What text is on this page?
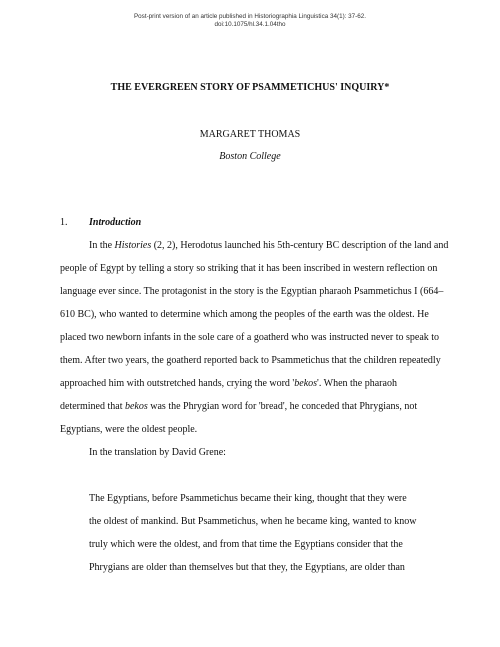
Post-print version of an article published in Historiographia Linguistica 34(1): 37-62.
doi:10.1075/hl.34.1.04tho
THE EVERGREEN STORY OF PSAMMETICHUS' INQUIRY*
MARGARET THOMAS
Boston College
1. Introduction
In the Histories (2, 2), Herodotus launched his 5th-century BC description of the land and
people of Egypt by telling a story so striking that it has been inscribed in western reflection on
language ever since. The protagonist in the story is the Egyptian pharaoh Psammetichus I (664–
610 BC), who wanted to determine which among the peoples of the earth was the oldest. He
placed two newborn infants in the sole care of a goatherd who was instructed never to speak to
them. After two years, the goatherd reported back to Psammetichus that the children repeatedly
approached him with outstretched hands, crying the word 'bekos'. When the pharaoh
determined that bekos was the Phrygian word for 'bread', he conceded that Phrygians, not
Egyptians, were the oldest people.
In the translation by David Grene:
The Egyptians, before Psammetichus became their king, thought that they were
the oldest of mankind. But Psammetichus, when he became king, wanted to know
truly which were the oldest, and from that time the Egyptians consider that the
Phrygians are older than themselves but that they, the Egyptians, are older than
